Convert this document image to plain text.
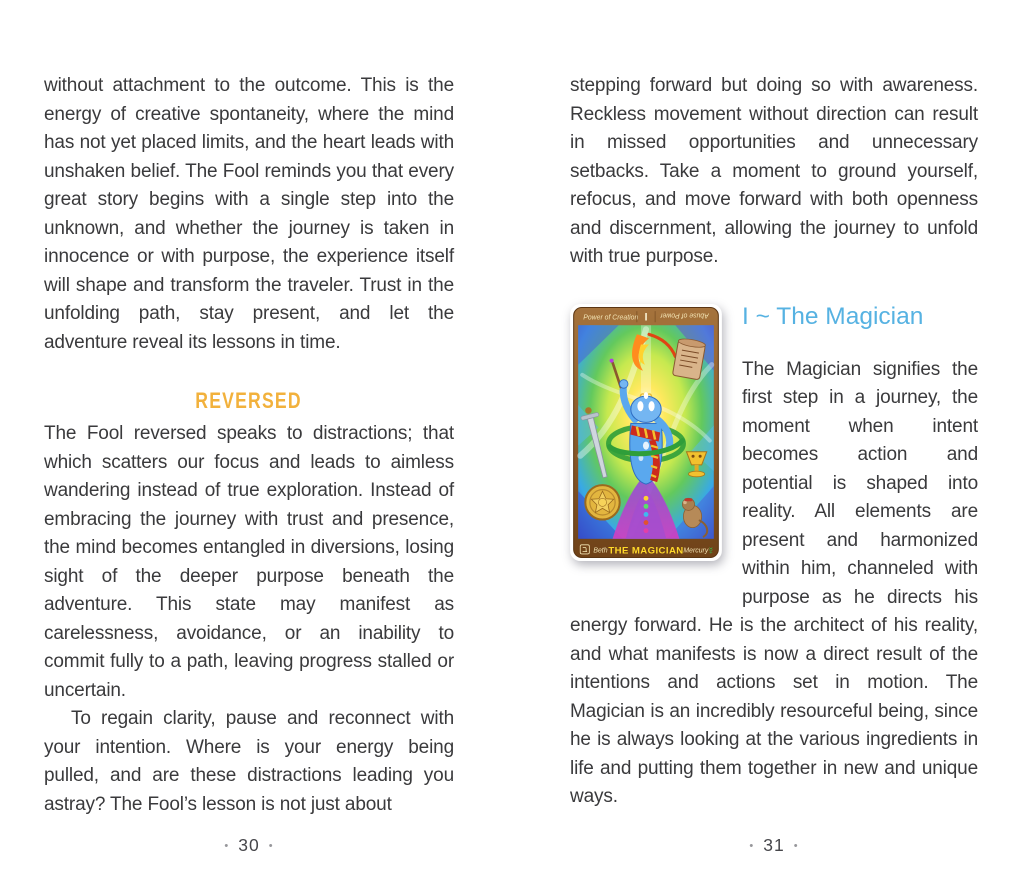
without attachment to the outcome. This is the energy of creative spontaneity, where the mind has not yet placed limits, and the heart leads with unshaken belief. The Fool reminds you that every great story begins with a single step into the unknown, and whether the journey is taken in innocence or with purpose, the experience itself will shape and transform the traveler. Trust in the unfolding path, stay present, and let the adventure reveal its lessons in time.

REVERSED

The Fool reversed speaks to distractions; that which scatters our focus and leads to aimless wandering instead of true exploration. Instead of embracing the journey with trust and presence, the mind becomes entangled in diversions, losing sight of the deeper purpose beneath the adventure. This state may manifest as carelessness, avoidance, or an inability to commit fully to a path, leaving progress stalled or uncertain.

To regain clarity, pause and reconnect with your intention. Where is your energy being pulled, and are these distractions leading you astray? The Fool’s lesson is not just about

• 30 •

stepping forward but doing so with awareness. Reckless movement without direction can result in missed opportunities and unnecessary setbacks. Take a moment to ground yourself, refocus, and move forward with both openness and discernment, allowing the journey to unfold with true purpose.

Power of Creation I Abuse of Power
ב Beth THE MAGICIAN Mercury
☿
I ~ The Magician

The Magician signifies the first step in a journey, the moment when intent becomes action and potential is shaped into reality. All elements are present and harmonized within him, channeled with purpose as he directs his energy forward. He is the architect of his reality, and what manifests is now a direct result of the intentions and actions set in motion. The Magician is an incredibly resourceful being, since he is always looking at the various ingredients in life and putting them together in new and unique ways.

• 31 •
